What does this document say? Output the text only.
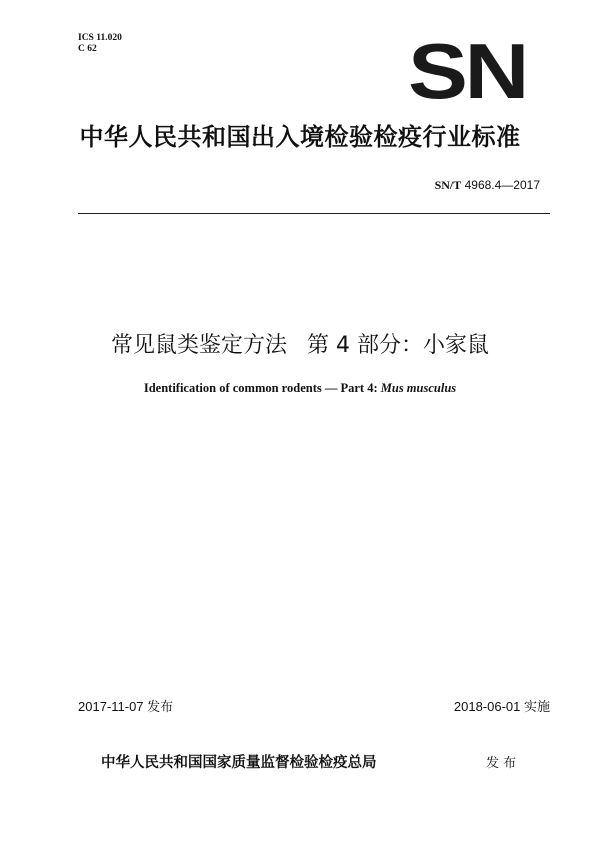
ICS 11.020
C 62	SN
中华人民共和国出入境检验检疫行业标准
SN/T 4968.4—2017
常见鼠类鉴定方法 第 4 部分：小家鼠
Identification of common rodents — Part 4: Mus musculus
2017-11-07 发布	2018-06-01 实施
中华人民共和国国家质量监督检验检疫总局	发 布
